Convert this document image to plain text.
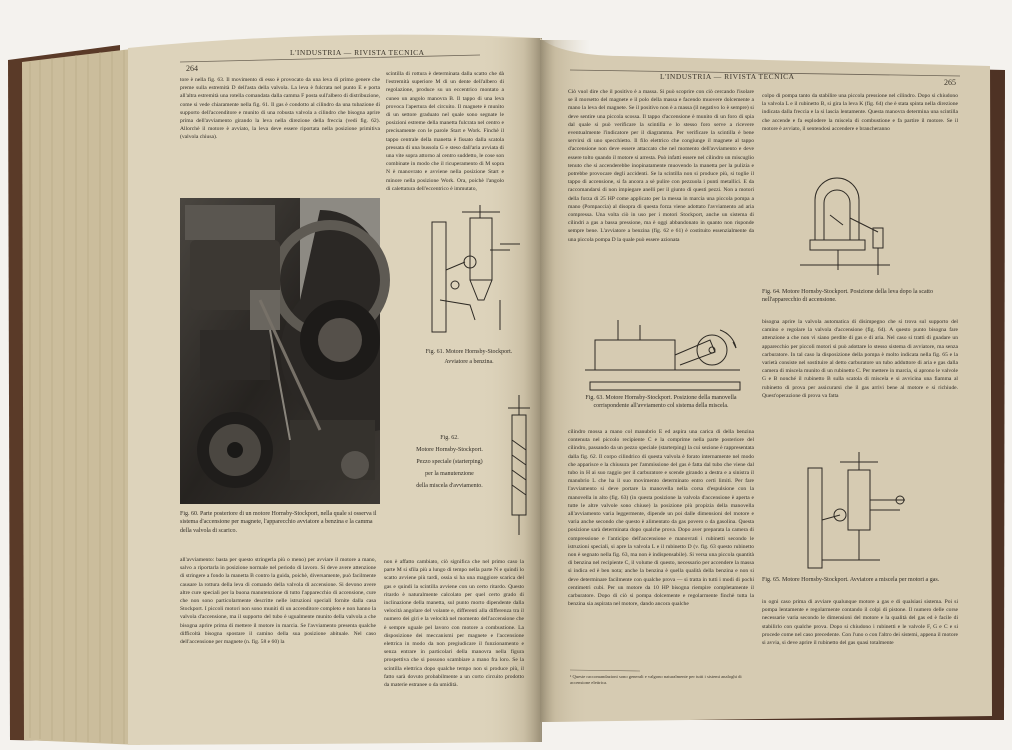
264
L'INDUSTRIA — RIVISTA TECNICA
tore è nella fig. 63. Il movimento di esso è provocato da una leva di primo genere che preme sulla estremità D dell'asta della valvola. La leva è fulcrata nel punto E e porta all'altra estremità una rotella comandata dalla camma F posta sull'albero di distribuzione, come si vede chiaramente nella fig. 61. Il gas è condotto al cilindro da una tubazione di supporto dell'accenditore e munito di una robusta valvola a cilindro che bisogna aprire prima dell'avviamento girando la leva nella direzione della freccia (vedi fig. 62). Allorchè il motore è avviato, la leva deve essere riportata nella posizione primitiva (valvola chiusa).
scintilla di rottura è determinata dalla scatto che dà l'estremità superiore M di un dente dell'albero di regolazione, produce su un eccentrico montato a cuneo un angolo manovra B. Il tappo di una leva provoca l'apertura del circuito. Il magnete è munito di un settore graduato nel quale sono segnate le posizioni estreme della manetta fulcrata nel centro e precisamente con le parole Start e Work. Finchè il tappo centrale della manetta è fissato dalla scatola pressata di una bussola G e steso dall'aria avviata di una vite sopra attorno al centro suddetto, le cose son combinate in modo che il ricuperamento di M sopra N è manovrato e avviene nella posizione Start e minore nella posizione Work. Ora, poichè l'angolo di calettatura dell'eccentrico è immutato,
Fig. 60. Parte posteriore di un motore Hornsby-Stockport, nella quale si osserva il sistema d'accensione per magnete, l'apparecchio avviatore a benzina e la camma della valvola di scarico.
Fig. 61. Motore Hornsby-Stockport.
Avviatore a benzina.
Fig. 62.
Motore Hornsby-Stockport.
Pezzo speciale (starterping)
per la manutenzione
della miscela d'avviamento.
all'avviamento: basta per questo stringerla più o meno) per avviare il motore a mano, salvo a riportarla in posizione normale nel periodo di lavoro. Si deve avere attenzione di stringere a fondo la manetta B contro la guida, poichè, diversamente, può facilmente causare la rottura della leva di comando della valvola di accensione. Si devono avere altre cure speciali per la buona manutenzione di tutto l'apparecchio di accensione, cure che non sono particolarmente descritte nelle istruzioni speciali fornite dalla casa Stockport. I piccoli motori non sono muniti di un accenditore completo e non hanno la valvola d'accensione, ma il supporto del tubo è ugualmente munito della valvola a che bisogna aprire prima di mettere il motore in marcia. Se l'avviamento presenta qualche difficoltà bisogna spostare il camino della sua posizione abituale. Nel caso dell'accensione per magnete (n. fig. 58 e 60) la
non è affatto cambiato, ciò significa che nel primo caso la parte M si sfila più a lungo di tempo nella parte N e quindi lo scatto avviene più tardi, ossia si ha una maggiore scarica del gas e quindi la scintilla avviene con un certo ritardo. Questo ritardo è naturalmente calcolato per quel certo grado di inclinazione della manetta, sul punto morto dipendente dalla velocità angolare del volante e, differenti alla differenza tra il numero dei giri e la velocità nel momento dell'accensione che è sempre uguale pel lavoro con motore a combustione. La disposizione dei meccanismi per magnete e l'accensione elettrica in modo da non pregiudicare il funzionamento e senza entrare in particolari della manovra nella figura prospettiva che si possono scambiare a mano fra loro. Se la scintilla elettrica dopo qualche tempo non si produce più, il fatto sarà dovuto probabilmente a un corto circuito prodotto da materie estranee o da umidità.
L'INDUSTRIA — RIVISTA TECNICA
265
Ciò vuol dire che il positivo è a massa. Si può scoprire con ciò cercando l'isolare se il morsetto del magnete e il polo della massa e facendo muovere dolcemente a mano la leva del magnete. Se il positivo non è a massa (il negativo lo è sempre) si deve sentire una piccola scossa. Il tappo d'accensione è munito di un foro di spia dal quale si può verificare la scintilla e lo stesso foro serve a ricevere eventualmente l'indicatore per il diagramma. Per verificare la scintilla è bene servirsi di uno specchietto. Il filo elettrico che congiunge il magnete al tappo d'accensione non deve essere attaccato che nel momento dell'avviamento e deve essere tolto quando il motore si arresta. Può infatti essere nel cilindro un miscuglio tenuto che si accenderebbe inopinatamente muovendo la manetta per la pulizia e potrebbe provocare degli accidenti. Se la scintilla non si produce più, si toglie il tappo di accensione, si fa ancora a sè pulire con pezzuola i punti metallici. E da raccomandarsi di non impiegare anelli per il giunto di questi pezzi. Non a motori della forza di 25 HP come applicato per la messa in marcia una piccola pompa a mano (Pompaccia) al disopra di questa forza viene adottato l'avviamento ad aria compressa. Una volta ciò in uso per i motori Stockport, anche un sistema di cilindri a gas a bassa pressione, ma è oggi abbandonato in quanto non risponde sempre bene. L'avviatore a benzina (fig. 62 e 61) è costituito essenzialmente da una piccola pompa D la quale può essere azionata
Fig. 63. Motore Hornsby-Stockport. Posizione della manovella corrispondente all'avviamento col sistema della miscela.
cilindro mossa a mano col manubrio E ed aspira una carica di della benzina contenuta nel piccolo recipiente C e la comprime nella parte posteriore del cilindro, passando da un pezzo speciale (starterping) la cui sezione è rappresentata dalla fig. 62. Il corpo cilindrico di questa valvola è forato internamente nel modo che apparisce e la chiusura per l'ammissione del gas è fatta dal tubo che viene dal tubo in H ai suo raggio per il carburatore e scende girando a destra e a sinistra il manubrio L che ha il suo movimento determinato entro certi limiti. Per fare l'avviamento si deve portare la manovella nella corsa d'espulsione con la manovella in alto (fig. 63) (in questa posizione la valvola d'accensione è aperta e tutte le altre valvole sono chiuse) la posizione più propizia della manovella all'avviamento varia leggermente, dipende un poi dalle dimensioni del motore e varia anche secondo che questo è alimentato da gas povero o da gasolina. Questa posizione sarà determinata dopo qualche prova. Dopo aver preparata la camera di compressione e l'anticipo dell'accensione e manovrati i rubinetti secondo le istruzioni speciali, si apre la valvola L e il rubinetto D (v. fig. 63 questo rubinetto non è segnato nella fig. 63, ma non è indispensabile). Si versa una piccola quantità di benzina nel recipiente C, il volume di questo, necessario per accendere la massa si indica ed è ben nota; anche la benzina è quella qualità della benzina e non si deve determinare facilmente con qualche prova — si tratta in tutti i modi di pochi centimetri cubi. Per un motore da 10 HP bisogna riempire completamente il carburatore. Dopo di ciò si pompa dolcemente e regolarmente finchè tutta la benzina sia aspirata nel motore, dando ancora qualche
¹ Queste raccomandazioni sono generali e valgono naturalmente per tutti i sistemi analoghi di accensione elettrica.
colpo di pompa tanto da stabilire una piccola pressione nel cilindro. Dopo si chiudono la valvola L e il rubinetto B, si gira la leva K (fig. 64) che è stata spinta nella direzione indicata dalla freccia e la si lascia lentamente. Questa manovra determina una scintilla che accende e fa esplodere la miscela di combustione e fa partire il motore. Se il motore è avviato, il sentendosi accendere e brancheranno
Fig. 64. Motore Hornsby-Stockport. Posizione della leva dopo la scatto nell'apparecchio di accensione.
bisogna aprire la valvola automatica di disimpegno che si trova sul supporto del camino e regolare la valvola d'accensione (fig. 64). A questo punto bisogna fare attenzione a che non vi siano perdite di gas e di aria. Nel caso si tratti di guadare un apparecchio per piccoli motori si può adottare lo stesso sistema di avviatore, ma senza carburatore. In tal caso la disposizione della pompa è molto indicata nella fig. 65 e la varietà consiste nel sostituire al detto carburatore un tubo adduttore di aria e gas dalla camera di miscela munito di un rubinetto C. Per mettere in marcia, si aprono le valvole G e B nonché il rubinetto B sulla scatola di miscela e si avvicina una fiamma al rubinetto di prova per assicurarsi che il gas arrivi bene al motore e si richiude. Quest'operazione di prova va fatta
Fig. 65. Motore Hornsby-Stockport. Avviatore a miscela per motori a gas.
in ogni caso prima di avviare qualunque motore a gas e di qualsiasi sistema. Poi si pompa lentamente e regolarmente contando il colpi di pistone. Il numero delle corse necessarie varia secondo le dimensioni del motore e la qualità del gas ed è facile di stabilirlo con qualche prova. Dopo si chiudono i rubinetti e le valvole F, G e C e si procede come nel caso precedente. Con l'uno o con l'altro dei sistemi, appena il motore si avvia, si deve aprire il rubinetto del gas quasi totalmente
